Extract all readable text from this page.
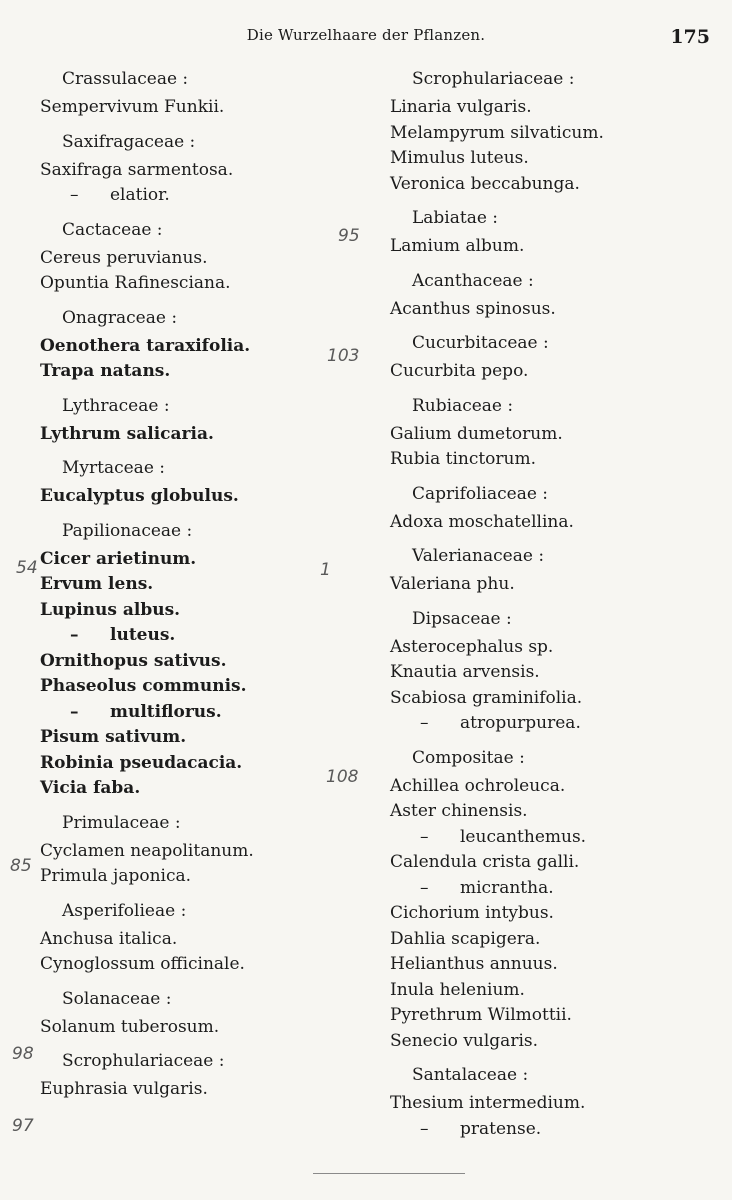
Die Wurzelhaare der Pflanzen.	175
95
103
54	1
108
85
98
97
Crassulaceae :
Sempervivum Funkii.
Saxifragaceae :
Saxifraga sarmentosa.
– elatior.
Cactaceae :
Cereus peruvianus.
Opuntia Rafinesciana.
Onagraceae :
Oenothera taraxifolia.
Trapa natans.
Lythraceae :
Lythrum salicaria.
Myrtaceae :
Eucalyptus globulus.
Papilionaceae :
Cicer arietinum.
Ervum lens.
Lupinus albus.
– luteus.
Ornithopus sativus.
Phaseolus communis.
– multiflorus.
Pisum sativum.
Robinia pseudacacia.
Vicia faba.
Primulaceae :
Cyclamen neapolitanum.
Primula japonica.
Asperifolieae :
Anchusa italica.
Cynoglossum officinale.
Solanaceae :
Solanum tuberosum.
Scrophulariaceae :
Euphrasia vulgaris.
Scrophulariaceae :
Linaria vulgaris.
Melampyrum silvaticum.
Mimulus luteus.
Veronica beccabunga.
Labiatae :
Lamium album.
Acanthaceae :
Acanthus spinosus.
Cucurbitaceae :
Cucurbita pepo.
Rubiaceae :
Galium dumetorum.
Rubia tinctorum.
Caprifoliaceae :
Adoxa moschatellina.
Valerianaceae :
Valeriana phu.
Dipsaceae :
Asterocephalus sp.
Knautia arvensis.
Scabiosa graminifolia.
– atropurpurea.
Compositae :
Achillea ochroleuca.
Aster chinensis.
– leucanthemus.
Calendula crista galli.
– micrantha.
Cichorium intybus.
Dahlia scapigera.
Helianthus annuus.
Inula helenium.
Pyrethrum Wilmottii.
Senecio vulgaris.
Santalaceae :
Thesium intermedium.
– pratense.
